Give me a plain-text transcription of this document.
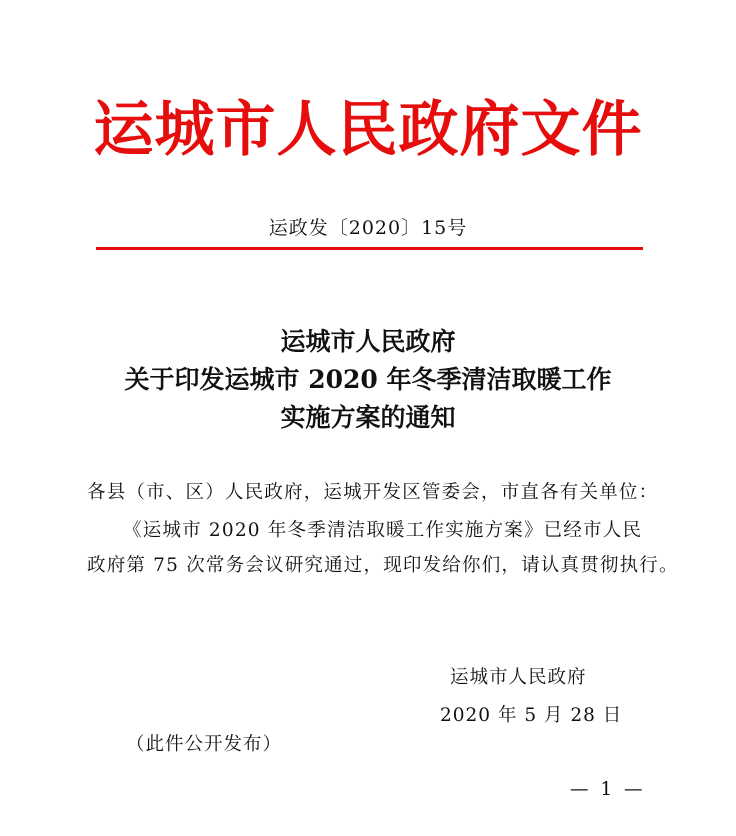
运城市人民政府文件
运政发〔2020〕15号
运城市人民政府
关于印发运城市 2020 年冬季清洁取暖工作
实施方案的通知
各县（市、区）人民政府，运城开发区管委会，市直各有关单位：
《运城市 2020 年冬季清洁取暖工作实施方案》已经市人民
政府第 75 次常务会议研究通过，现印发给你们，请认真贯彻执行。
运城市人民政府
2020 年 5 月 28 日
（此件公开发布）
— 1 —
